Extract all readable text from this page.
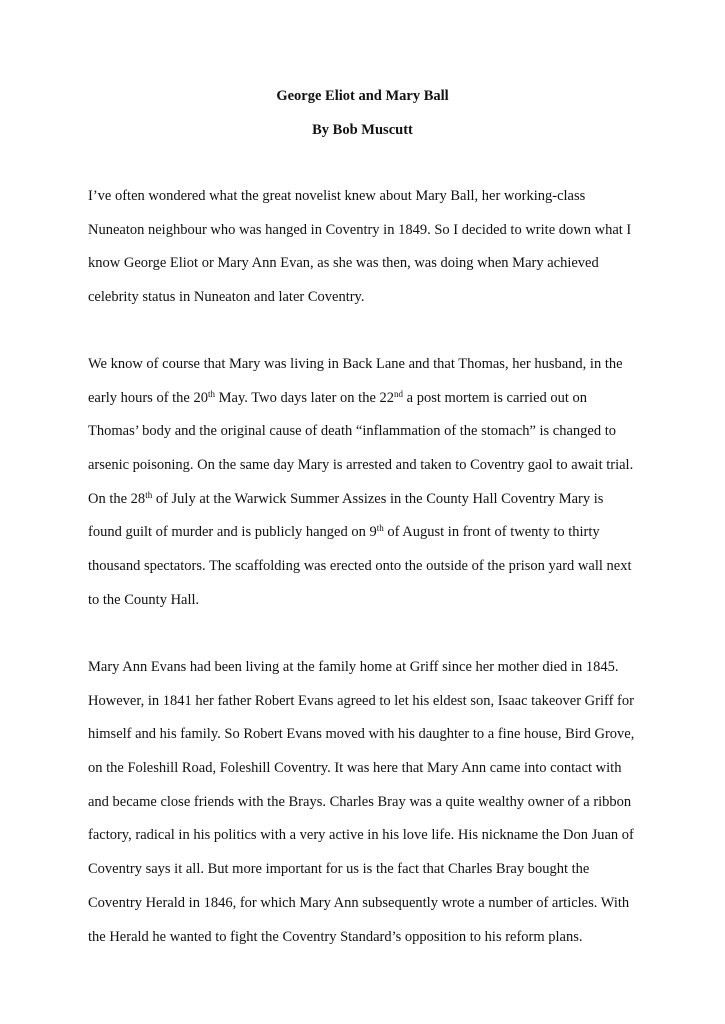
George Eliot and Mary Ball

By Bob Muscutt

I’ve often wondered what the great novelist knew about Mary Ball, her working-class
Nuneaton neighbour who was hanged in Coventry in 1849. So I decided to write down what I
know George Eliot or Mary Ann Evan, as she was then, was doing when Mary achieved
celebrity status in Nuneaton and later Coventry.
We know of course that Mary was living in Back Lane and that Thomas, her husband, in the
early hours of the 20th May. Two days later on the 22nd a post mortem is carried out on
Thomas’ body and the original cause of death “inflammation of the stomach” is changed to
arsenic poisoning. On the same day Mary is arrested and taken to Coventry gaol to await trial.
On the 28th of July at the Warwick Summer Assizes in the County Hall Coventry Mary is
found guilt of murder and is publicly hanged on 9th of August in front of twenty to thirty
thousand spectators. The scaffolding was erected onto the outside of the prison yard wall next
to the County Hall.
Mary Ann Evans had been living at the family home at Griff since her mother died in 1845.
However, in 1841 her father Robert Evans agreed to let his eldest son, Isaac takeover Griff for
himself and his family. So Robert Evans moved with his daughter to a fine house, Bird Grove,
on the Foleshill Road, Foleshill Coventry. It was here that Mary Ann came into contact with
and became close friends with the Brays. Charles Bray was a quite wealthy owner of a ribbon
factory, radical in his politics with a very active in his love life. His nickname the Don Juan of
Coventry says it all. But more important for us is the fact that Charles Bray bought the
Coventry Herald in 1846, for which Mary Ann subsequently wrote a number of articles. With
the Herald he wanted to fight the Coventry Standard’s opposition to his reform plans.
